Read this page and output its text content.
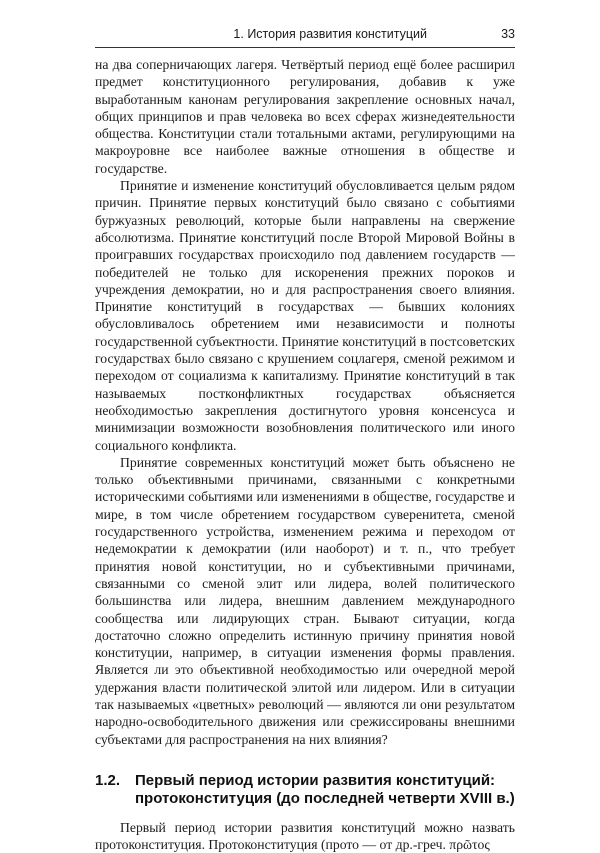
1. История развития конституций	33

на два соперничающих лагеря. Четвёртый период ещё более расширил предмет конституционного регулирования, добавив к уже выработанным канонам регулирования закрепление основных начал, общих принципов и прав человека во всех сферах жизнедеятельности общества. Конституции стали тотальными актами, регулирующими на макроуровне все наиболее важные отношения в обществе и государстве.

Принятие и изменение конституций обусловливается целым рядом причин. Принятие первых конституций было связано с событиями буржуазных революций, которые были направлены на свержение абсолютизма. Принятие конституций после Второй Мировой Войны в проигравших государствах происходило под давлением государств — победителей не только для искоренения прежних пороков и учреждения демократии, но и для распространения своего влияния. Принятие конституций в государствах — бывших колониях обусловливалось обретением ими независимости и полноты государственной субъектности. Принятие конституций в постсоветских государствах было связано с крушением соцлагеря, сменой режимом и переходом от социализма к капитализму. Принятие конституций в так называемых постконфликтных государствах объясняется необходимостью закрепления достигнутого уровня консенсуса и минимизации возможности возобновления политического или иного социального конфликта.

Принятие современных конституций может быть объяснено не только объективными причинами, связанными с конкретными историческими событиями или изменениями в обществе, государстве и мире, в том числе обретением государством суверенитета, сменой государственного устройства, изменением режима и переходом от недемократии к демократии (или наоборот) и т. п., что требует принятия новой конституции, но и субъективными причинами, связанными со сменой элит или лидера, волей политического большинства или лидера, внешним давлением международного сообщества или лидирующих стран. Бывают ситуации, когда достаточно сложно определить истинную причину принятия новой конституции, например, в ситуации изменения формы правления. Является ли это объективной необходимостью или очередной мерой удержания власти политической элитой или лидером. Или в ситуации так называемых «цветных» революций — являются ли они результатом народно-освободительного движения или срежиссированы внешними субъектами для распространения на них влияния?

1.2. Первый период истории развития конституций: протоконституция (до последней четверти XVIII в.)

Первый период истории развития конституций можно назвать протоконституция. Протоконституция (прото — от др.-греч. πρῶτος
